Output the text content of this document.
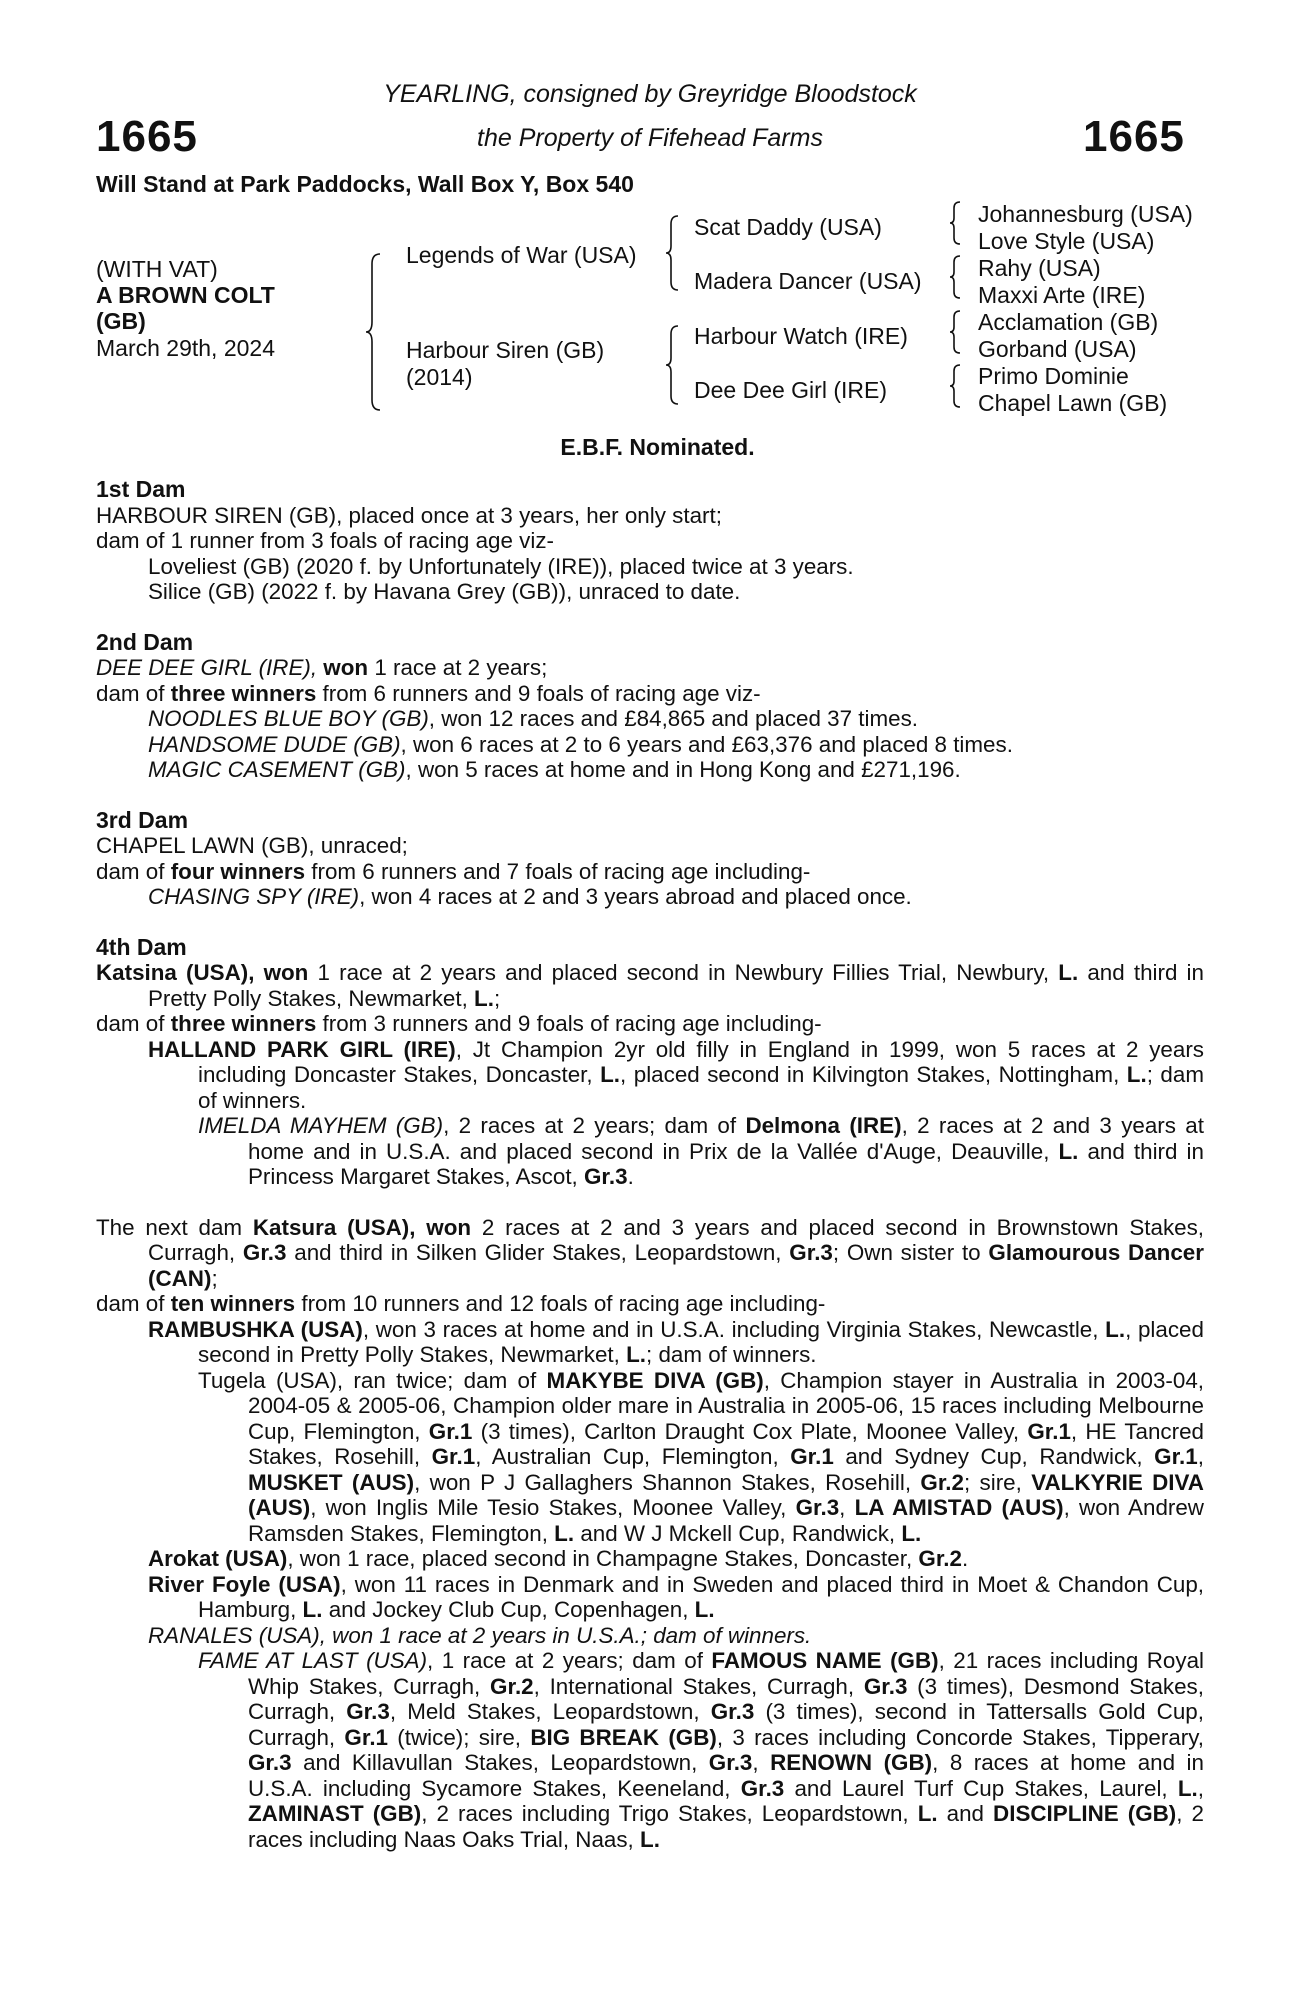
1665	1665
YEARLING, consigned by Greyridge Bloodstock
the Property of Fifehead Farms
Will Stand at Park Paddocks, Wall Box Y, Box 540
(WITH VAT)
A BROWN COLT
(GB)
March 29th, 2024
Legends of War (USA)
Harbour Siren (GB)
(2014)
Scat Daddy (USA)
Madera Dancer (USA)
Harbour Watch (IRE)
Dee Dee Girl (IRE)
Johannesburg (USA)
Love Style (USA)
Rahy (USA)
Maxxi Arte (IRE)
Acclamation (GB)
Gorband (USA)
Primo Dominie
Chapel Lawn (GB)
E.B.F. Nominated.
1st Dam
HARBOUR SIREN (GB), placed once at 3 years, her only start;
dam of 1 runner from 3 foals of racing age viz-
Loveliest (GB) (2020 f. by Unfortunately (IRE)), placed twice at 3 years.
Silice (GB) (2022 f. by Havana Grey (GB)), unraced to date.
2nd Dam
DEE DEE GIRL (IRE), won 1 race at 2 years;
dam of three winners from 6 runners and 9 foals of racing age viz-
NOODLES BLUE BOY (GB), won 12 races and £84,865 and placed 37 times.
HANDSOME DUDE (GB), won 6 races at 2 to 6 years and £63,376 and placed 8 times.
MAGIC CASEMENT (GB), won 5 races at home and in Hong Kong and £271,196.
3rd Dam
CHAPEL LAWN (GB), unraced;
dam of four winners from 6 runners and 7 foals of racing age including-
CHASING SPY (IRE), won 4 races at 2 and 3 years abroad and placed once.
4th Dam
Katsina (USA), won 1 race at 2 years and placed second in Newbury Fillies Trial, Newbury, L. and third in Pretty Polly Stakes, Newmarket, L.;
dam of three winners from 3 runners and 9 foals of racing age including-
HALLAND PARK GIRL (IRE), Jt Champion 2yr old filly in England in 1999, won 5 races at 2 years including Doncaster Stakes, Doncaster, L., placed second in Kilvington Stakes, Nottingham, L.; dam of winners.
IMELDA MAYHEM (GB), 2 races at 2 years; dam of Delmona (IRE), 2 races at 2 and 3 years at home and in U.S.A. and placed second in Prix de la Vallée d'Auge, Deauville, L. and third in Princess Margaret Stakes, Ascot, Gr.3.
The next dam Katsura (USA), won 2 races at 2 and 3 years and placed second in Brownstown Stakes, Curragh, Gr.3 and third in Silken Glider Stakes, Leopardstown, Gr.3; Own sister to Glamourous Dancer (CAN);
dam of ten winners from 10 runners and 12 foals of racing age including-
RAMBUSHKA (USA), won 3 races at home and in U.S.A. including Virginia Stakes, Newcastle, L., placed second in Pretty Polly Stakes, Newmarket, L.; dam of winners.
Tugela (USA), ran twice; dam of MAKYBE DIVA (GB), Champion stayer in Australia in 2003-04, 2004-05 & 2005-06, Champion older mare in Australia in 2005-06, 15 races including Melbourne Cup, Flemington, Gr.1 (3 times), Carlton Draught Cox Plate, Moonee Valley, Gr.1, HE Tancred Stakes, Rosehill, Gr.1, Australian Cup, Flemington, Gr.1 and Sydney Cup, Randwick, Gr.1, MUSKET (AUS), won P J Gallaghers Shannon Stakes, Rosehill, Gr.2; sire, VALKYRIE DIVA (AUS), won Inglis Mile Tesio Stakes, Moonee Valley, Gr.3, LA AMISTAD (AUS), won Andrew Ramsden Stakes, Flemington, L. and W J Mckell Cup, Randwick, L.
Arokat (USA), won 1 race, placed second in Champagne Stakes, Doncaster, Gr.2.
River Foyle (USA), won 11 races in Denmark and in Sweden and placed third in Moet & Chandon Cup, Hamburg, L. and Jockey Club Cup, Copenhagen, L.
RANALES (USA), won 1 race at 2 years in U.S.A.; dam of winners.
FAME AT LAST (USA), 1 race at 2 years; dam of FAMOUS NAME (GB), 21 races including Royal Whip Stakes, Curragh, Gr.2, International Stakes, Curragh, Gr.3 (3 times), Desmond Stakes, Curragh, Gr.3, Meld Stakes, Leopardstown, Gr.3 (3 times), second in Tattersalls Gold Cup, Curragh, Gr.1 (twice); sire, BIG BREAK (GB), 3 races including Concorde Stakes, Tipperary, Gr.3 and Killavullan Stakes, Leopardstown, Gr.3, RENOWN (GB), 8 races at home and in U.S.A. including Sycamore Stakes, Keeneland, Gr.3 and Laurel Turf Cup Stakes, Laurel, L., ZAMINAST (GB), 2 races including Trigo Stakes, Leopardstown, L. and DISCIPLINE (GB), 2 races including Naas Oaks Trial, Naas, L.
